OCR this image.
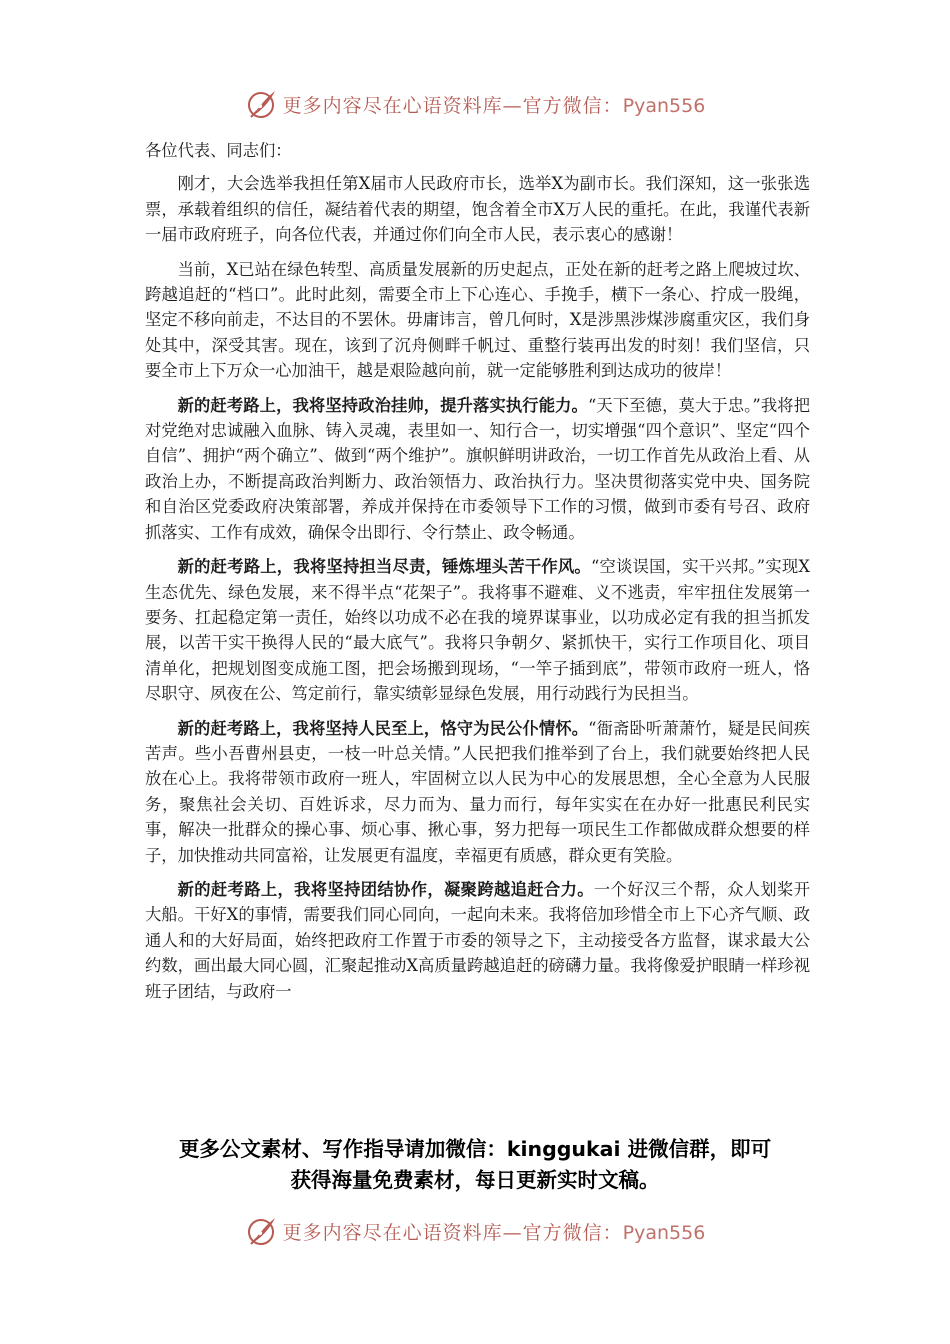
更多内容尽在心语资料库—官方微信：Pyan556

各位代表、同志们：

刚才，大会选举我担任第X届市人民政府市长，选举X为副市长。我们深知，这一张张选票，承载着组织的信任，凝结着代表的期望，饱含着全市X万人民的重托。在此，我谨代表新一届市政府班子，向各位代表，并通过你们向全市人民，表示衷心的感谢！

当前，X已站在绿色转型、高质量发展新的历史起点，正处在新的赶考之路上爬坡过坎、跨越追赶的“档口”。此时此刻，需要全市上下心连心、手挽手，横下一条心、拧成一股绳，坚定不移向前走，不达目的不罢休。毋庸讳言，曾几何时，X是涉黑涉煤涉腐重灾区，我们身处其中，深受其害。现在，该到了沉舟侧畔千帆过、重整行装再出发的时刻！我们坚信，只要全市上下万众一心加油干，越是艰险越向前，就一定能够胜利到达成功的彼岸！

新的赶考路上，我将坚持政治挂帅，提升落实执行能力。“天下至德，莫大于忠。”我将把对党绝对忠诚融入血脉、铸入灵魂，表里如一、知行合一，切实增强“四个意识”、坚定“四个自信”、拥护“两个确立”、做到“两个维护”。旗帜鲜明讲政治，一切工作首先从政治上看、从政治上办，不断提高政治判断力、政治领悟力、政治执行力。坚决贯彻落实党中央、国务院和自治区党委政府决策部署，养成并保持在市委领导下工作的习惯，做到市委有号召、政府抓落实、工作有成效，确保令出即行、令行禁止、政令畅通。

新的赶考路上，我将坚持担当尽责，锤炼埋头苦干作风。“空谈误国，实干兴邦。”实现X生态优先、绿色发展，来不得半点“花架子”。我将事不避难、义不逃责，牢牢扭住发展第一要务、扛起稳定第一责任，始终以功成不必在我的境界谋事业，以功成必定有我的担当抓发展，以苦干实干换得人民的“最大底气”。我将只争朝夕、紧抓快干，实行工作项目化、项目清单化，把规划图变成施工图，把会场搬到现场，“一竿子插到底”，带领市政府一班人，恪尽职守、夙夜在公、笃定前行，靠实绩彰显绿色发展，用行动践行为民担当。

新的赶考路上，我将坚持人民至上，恪守为民公仆情怀。“衙斋卧听萧萧竹，疑是民间疾苦声。些小吾曹州县吏，一枝一叶总关情。”人民把我们推举到了台上，我们就要始终把人民放在心上。我将带领市政府一班人，牢固树立以人民为中心的发展思想，全心全意为人民服务，聚焦社会关切、百姓诉求，尽力而为、量力而行，每年实实在在办好一批惠民利民实事，解决一批群众的操心事、烦心事、揪心事，努力把每一项民生工作都做成群众想要的样子，加快推动共同富裕，让发展更有温度，幸福更有质感，群众更有笑脸。

新的赶考路上，我将坚持团结协作，凝聚跨越追赶合力。一个好汉三个帮，众人划桨开大船。干好X的事情，需要我们同心同向，一起向未来。我将倍加珍惜全市上下心齐气顺、政通人和的大好局面，始终把政府工作置于市委的领导之下，主动接受各方监督，谋求最大公约数，画出最大同心圆，汇聚起推动X高质量跨越追赶的磅礴力量。我将像爱护眼睛一样珍视班子团结，与政府一

更多公文素材、写作指导请加微信：kinggukai 进微信群，即可
获得海量免费素材，每日更新实时文稿。
更多内容尽在心语资料库—官方微信：Pyan556
